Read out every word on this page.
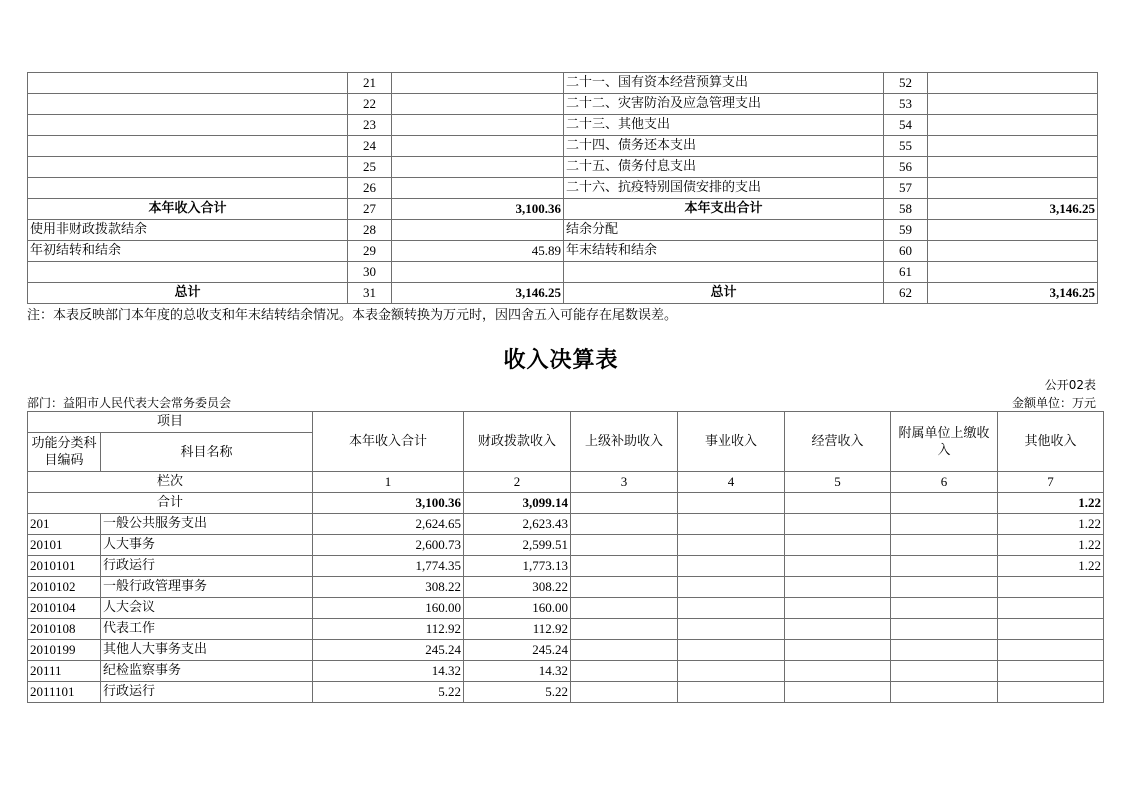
	21		二十一、国有资本经营预算支出	52	
	22		二十二、灾害防治及应急管理支出	53	
	23		二十三、其他支出	54	
	24		二十四、债务还本支出	55	
	25		二十五、债务付息支出	56	
	26		二十六、抗疫特别国债安排的支出	57	
本年收入合计	27	3,100.36	本年支出合计	58	3,146.25
使用非财政拨款结余	28		结余分配	59	
年初结转和结余	29	45.89	年末结转和结余	60	
	30			61	
总计	31	3,146.25	总计	62	3,146.25
注：本表反映部门本年度的总收支和年末结转结余情况。本表金额转换为万元时，因四舍五入可能存在尾数误差。
收入决算表
公开02表
部门：益阳市人民代表大会常务委员会	金额单位：万元
项目		本年收入合计	财政拨款收入	上级补助收入	事业收入	经营收入	附属单位上缴收入	其他收入
功能分类科目编码	科目名称							
栏次		1	2	3	4	5	6	7
合计		3,100.36	3,099.14					1.22
201	一般公共服务支出	2,624.65	2,623.43					1.22
20101	人大事务	2,600.73	2,599.51					1.22
2010101	行政运行	1,774.35	1,773.13					1.22
2010102	一般行政管理事务	308.22	308.22					
2010104	人大会议	160.00	160.00					
2010108	代表工作	112.92	112.92					
2010199	其他人大事务支出	245.24	245.24					
20111	纪检监察事务	14.32	14.32					
2011101	行政运行	5.22	5.22					
